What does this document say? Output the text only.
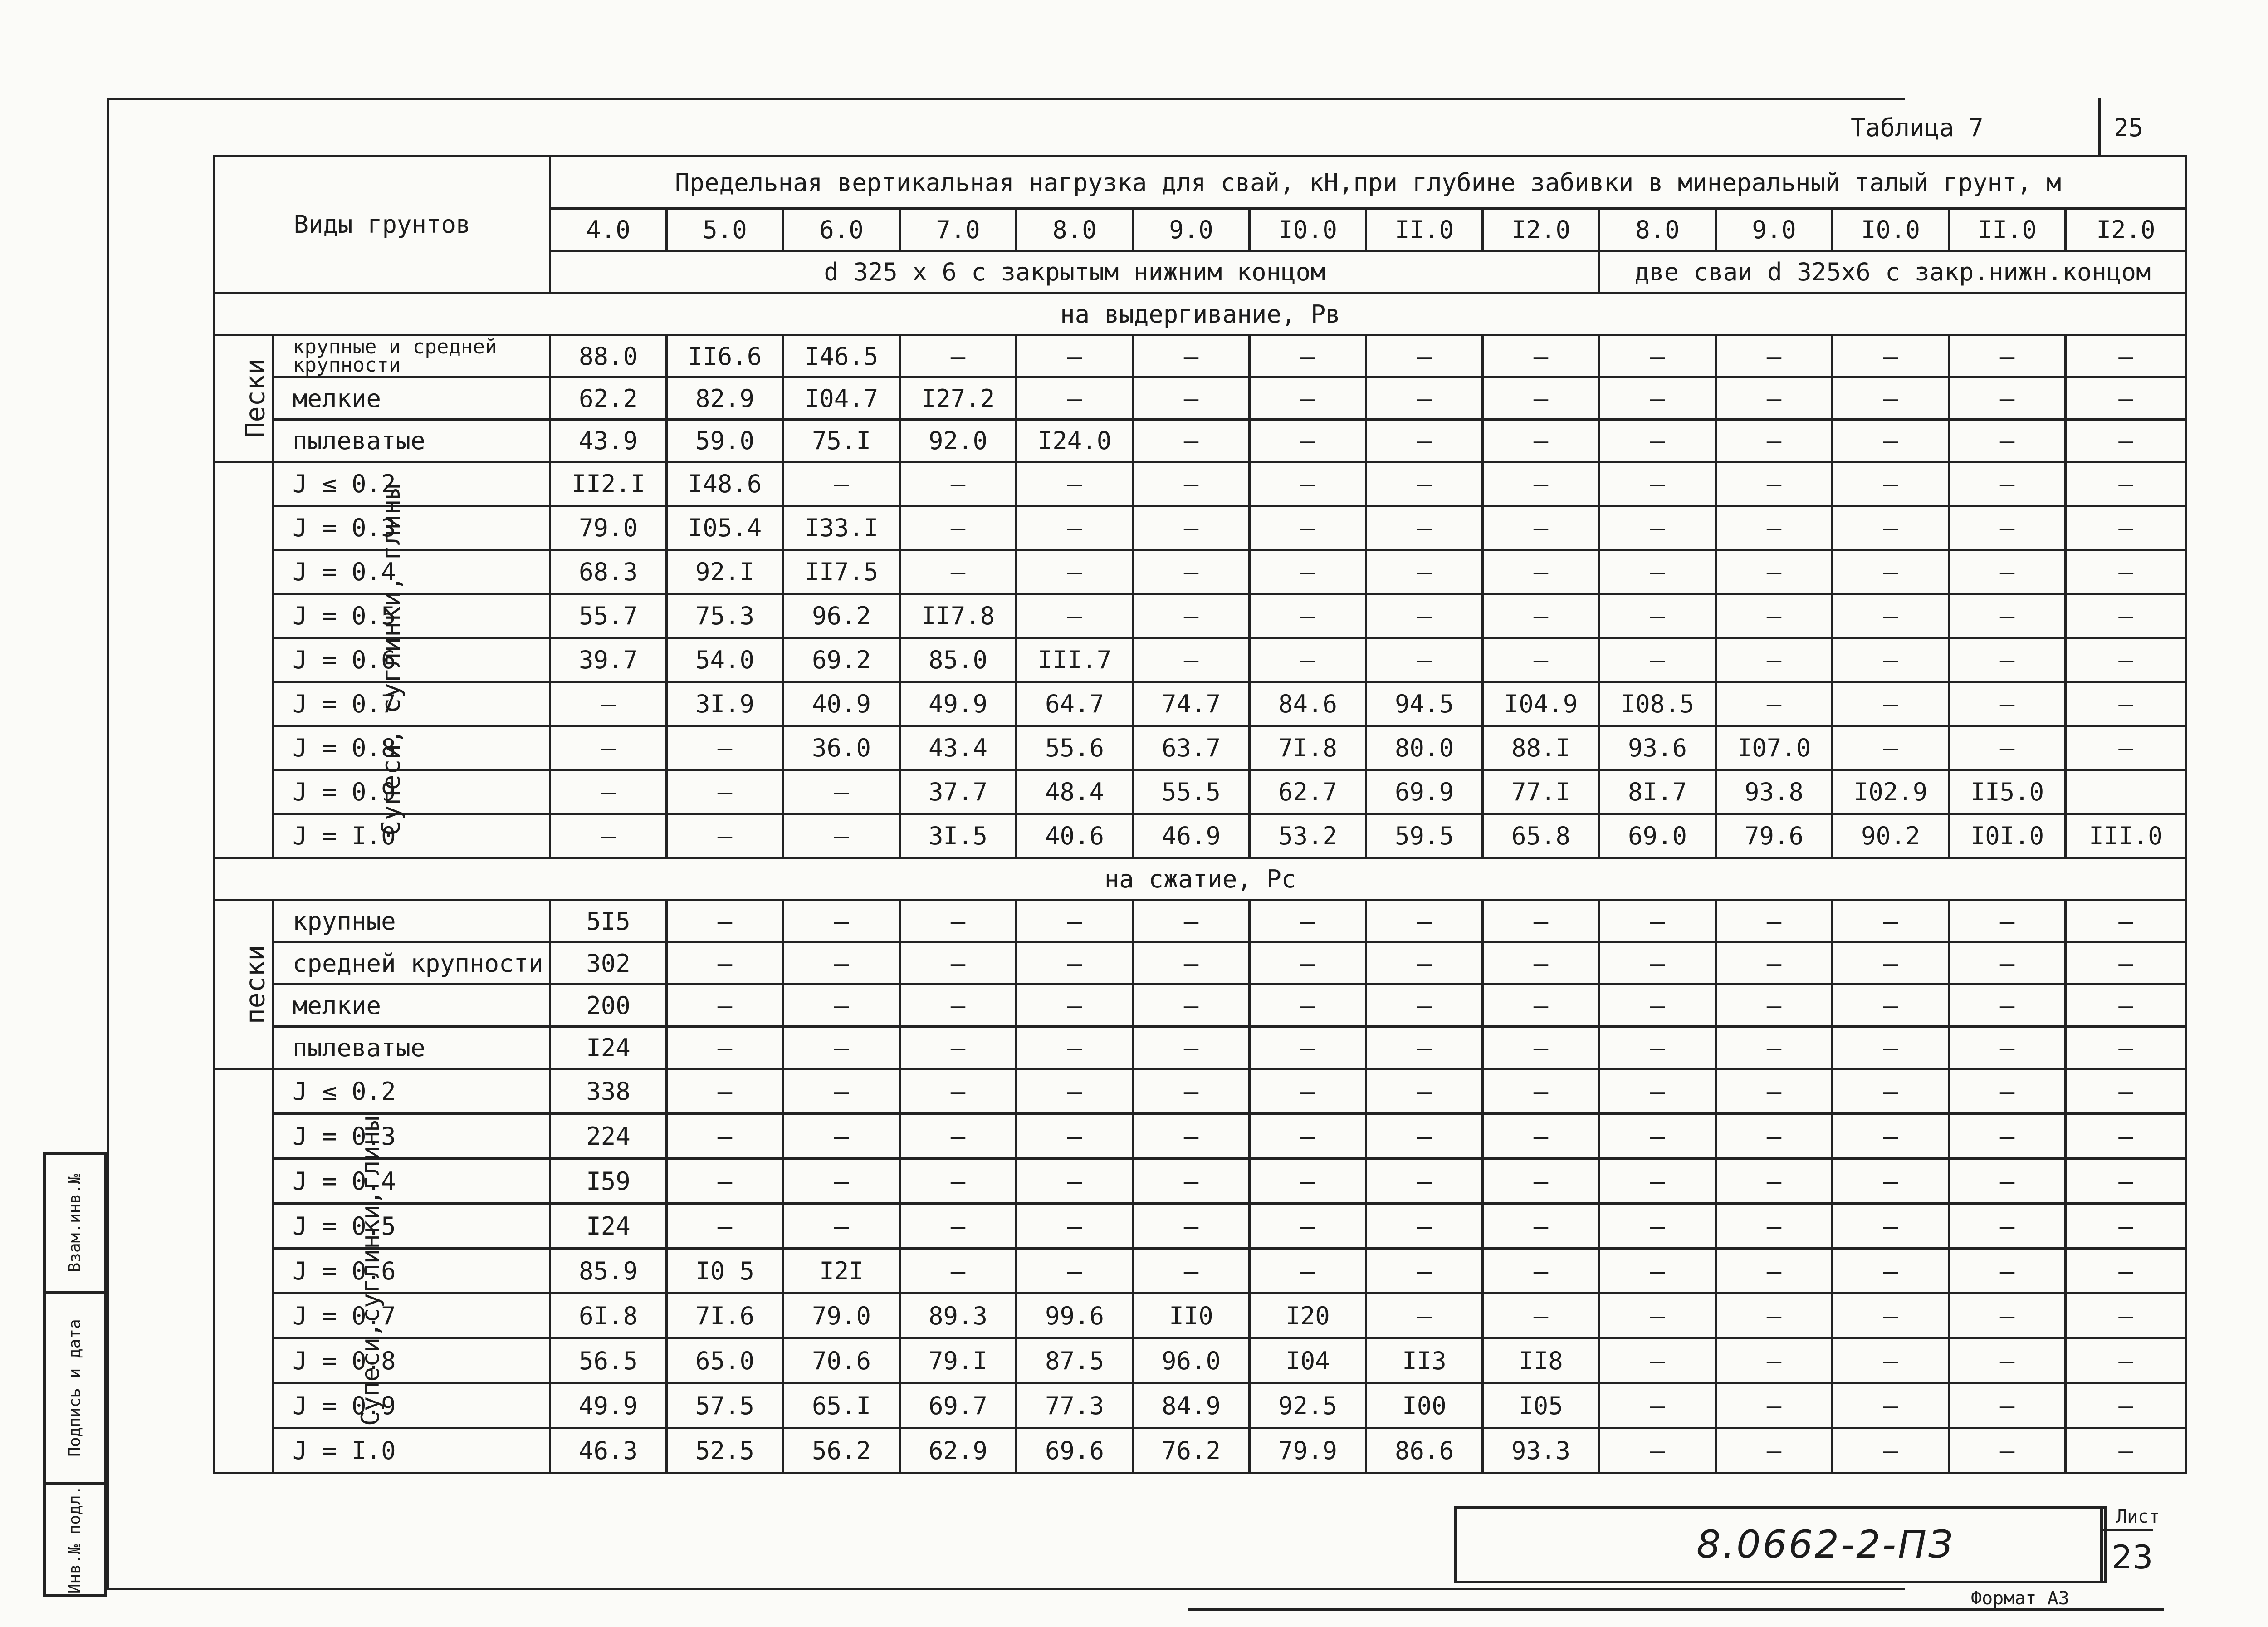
Таблица 7	25
Виды грунтов		Предельная вертикальная нагрузка для свай, кН,при глубине забивки в минеральный талый грунт, м													
		4.0	5.0	6.0	7.0	8.0	9.0	I0.0	II.0	I2.0	8.0	9.0	I0.0	II.0	I2.0
		d 325 x 6 с закрытым нижним концом									две сваи d 325x6 с закр.нижн.концом				
на выдергивание, Рв															
Пески	крупные и средней крупности	88.0	II6.6	I46.5	–	–	–	–	–	–	–	–	–	–	–
	мелкие	62.2	82.9	I04.7	I27.2	–	–	–	–	–	–	–	–	–	–
	пылеватые	43.9	59.0	75.I	92.0	I24.0	–	–	–	–	–	–	–	–	–
Супеси, суглинки, глины	J ≤ 0.2	II2.I	I48.6	–	–	–	–	–	–	–	–	–	–	–	–
	J = 0.3	79.0	I05.4	I33.I	–	–	–	–	–	–	–	–	–	–	–
	J = 0.4	68.3	92.I	II7.5	–	–	–	–	–	–	–	–	–	–	–
	J = 0.5	55.7	75.3	96.2	II7.8	–	–	–	–	–	–	–	–	–	–
	J = 0.6	39.7	54.0	69.2	85.0	III.7	–	–	–	–	–	–	–	–	–
	J = 0.7	–	3I.9	40.9	49.9	64.7	74.7	84.6	94.5	I04.9	I08.5	–	–	–	–
	J = 0.8	–	–	36.0	43.4	55.6	63.7	7I.8	80.0	88.I	93.6	I07.0	–	–	–
	J = 0.9	–	–	–	37.7	48.4	55.5	62.7	69.9	77.I	8I.7	93.8	I02.9	II5.0	
	J = I.0	–	–	–	3I.5	40.6	46.9	53.2	59.5	65.8	69.0	79.6	90.2	I0I.0	III.0
на сжатие, Рс															
пески	крупные	5I5	–	–	–	–	–	–	–	–	–	–	–	–	–
	средней крупности	302	–	–	–	–	–	–	–	–	–	–	–	–	–
	мелкие	200	–	–	–	–	–	–	–	–	–	–	–	–	–
	пылеватые	I24	–	–	–	–	–	–	–	–	–	–	–	–	–
Супеси,суглинки,глины	J ≤ 0.2	338	–	–	–	–	–	–	–	–	–	–	–	–	–
	J = 0.3	224	–	–	–	–	–	–	–	–	–	–	–	–	–
	J = 0.4	I59	–	–	–	–	–	–	–	–	–	–	–	–	–
	J = 0.5	I24	–	–	–	–	–	–	–	–	–	–	–	–	–
	J = 0.6	85.9	I0 5	I2I	–	–	–	–	–	–	–	–	–	–	–
	J = 0.7	6I.8	7I.6	79.0	89.3	99.6	II0	I20	–	–	–	–	–	–	–
	J = 0.8	56.5	65.0	70.6	79.I	87.5	96.0	I04	II3	II8	–	–	–	–	–
	J = 0.9	49.9	57.5	65.I	69.7	77.3	84.9	92.5	I00	I05	–	–	–	–	–
	J = I.0	46.3	52.5	56.2	62.9	69.6	76.2	79.9	86.6	93.3	–	–	–	–	–
Взам.инв.№
Подпись и дата
Инв.№ подл.	8.0662-2-ПЗ
Лист
23
Формат А3
